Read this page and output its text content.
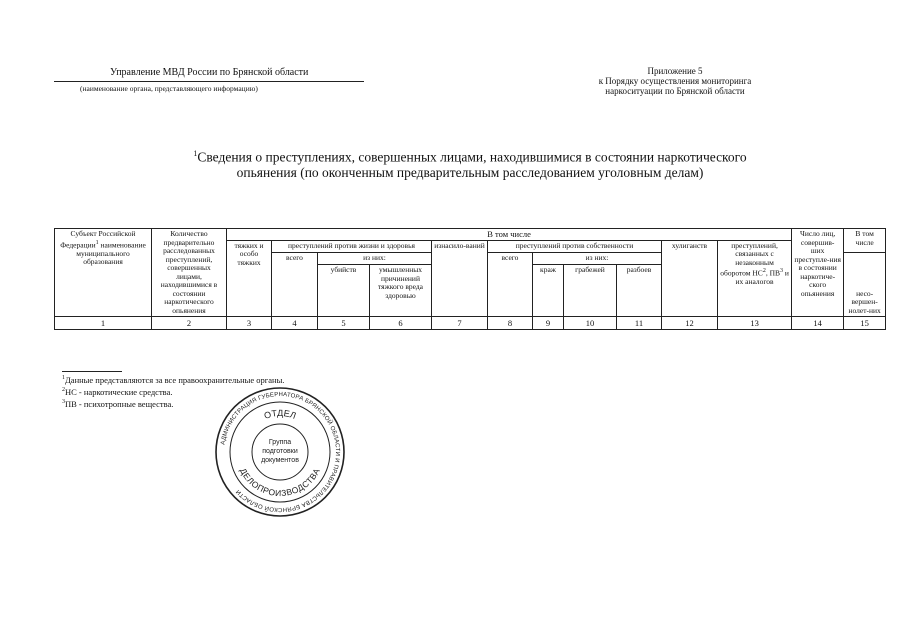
Управление МВД России по Брянской области
(наименование органа, представляющего информацию)
Приложение 5
к Порядку осуществления мониторинга
наркоситуации по Брянской области
$^1$Сведения о преступлениях, совершенных лицами, находившимися в состоянии наркотического
опьянения (по оконченным предварительным расследованием уголовным делам)
Субъект Российской Федерации$^1$ наименование муниципального образования	Количество предварительно расследованных преступлений, совершенных лицами, находившимися в состоянии наркотического опьянения	В том числе											Число лиц, совершив-ших преступле-ния в состоянии наркотиче-ского опьянения	В том числе
		тяжких и особо тяжких	преступлений против жизни и здоровья			изнасило-ваний	преступлений против собственности				хулиганств	преступлений, связанных с незаконным оборотом $НС^2$, $ПВ^3$ и их аналогов		
			всего	из них:			всего	из них:						несо-вершен-нолет-них
				убийств	умышленных причинений тяжкого вреда здоровью			краж	грабежей	разбоев				
1	2	3	4	5	6	7	8	9	10	11	12	13	14	15
$^1$Данные представляются за все правоохранительные органы.
$^2$НС - наркотические средства.
$^3$ПВ - психотропные вещества.
АДМИНИСТРАЦИЯ ГУБЕРНАТОРА БРЯНСКОЙ ОБЛАСТИ И ПРАВИТЕЛЬСТВА БРЯНСКОЙ ОБЛАСТИ
ОТДЕЛ
ДЕЛОПРОИЗВОДСТВА
Группа
подготовки
документов
